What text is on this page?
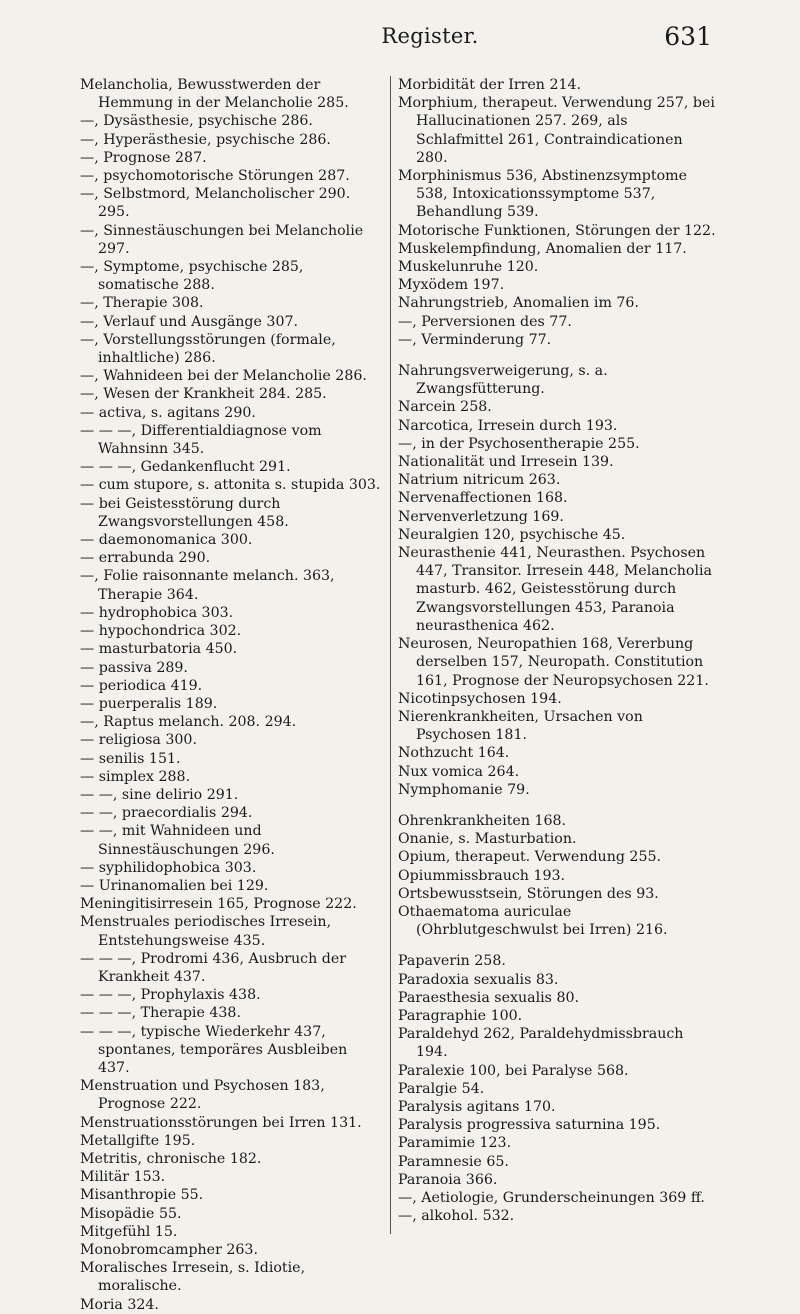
Register.	631

Melancholia, Bewusstwerden der Hemmung in der Melancholie 285.

—, Dysästhesie, psychische 286.

—, Hyperästhesie, psychische 286.

—, Prognose 287.

—, psychomotorische Störungen 287.

—, Selbstmord, Melancholischer 290. 295.

—, Sinnestäuschungen bei Melancholie 297.

—, Symptome, psychische 285, somatische 288.

—, Therapie 308.

—, Verlauf und Ausgänge 307.

—, Vorstellungsstörungen (formale, inhaltliche) 286.

—, Wahnideen bei der Melancholie 286.

—, Wesen der Krankheit 284. 285.

— activa, s. agitans 290.

— — —, Differentialdiagnose vom Wahnsinn 345.

— — —, Gedankenflucht 291.

— cum stupore, s. attonita s. stupida 303.

— bei Geistesstörung durch Zwangsvorstellungen 458.

— daemonomanica 300.

— errabunda 290.

—, Folie raisonnante melanch. 363, Therapie 364.

— hydrophobica 303.

— hypochondrica 302.

— masturbatoria 450.

— passiva 289.

— periodica 419.

— puerperalis 189.

—, Raptus melanch. 208. 294.

— religiosa 300.

— senilis 151.

— simplex 288.

— —, sine delirio 291.

— —, praecordialis 294.

— —, mit Wahnideen und Sinnestäuschungen 296.

— syphilidophobica 303.

— Urinanomalien bei 129.

Meningitisirresein 165, Prognose 222.

Menstruales periodisches Irresein, Entstehungsweise 435.

— — —, Prodromi 436, Ausbruch der Krankheit 437.

— — —, Prophylaxis 438.

— — —, Therapie 438.

— — —, typische Wiederkehr 437, spontanes, temporäres Ausbleiben 437.

Menstruation und Psychosen 183, Prognose 222.

Menstruationsstörungen bei Irren 131.

Metallgifte 195.

Metritis, chronische 182.

Militär 153.

Misanthropie 55.

Misopädie 55.

Mitgefühl 15.

Monobromcampher 263.

Moralisches Irresein, s. Idiotie, moralische.

Moria 324.

Morbidität der Irren 214.

Morphium, therapeut. Verwendung 257, bei Hallucinationen 257. 269, als Schlafmittel 261, Contraindicationen 280.

Morphinismus 536, Abstinenzsymptome 538, Intoxicationssymptome 537, Behandlung 539.

Motorische Funktionen, Störungen der 122.

Muskelempfindung, Anomalien der 117.

Muskelunruhe 120.

Myxödem 197.

Nahrungstrieb, Anomalien im 76.

—, Perversionen des 77.

—, Verminderung 77.

Nahrungsverweigerung, s. a. Zwangsfütterung.

Narcein 258.

Narcotica, Irresein durch 193.

—, in der Psychosentherapie 255.

Nationalität und Irresein 139.

Natrium nitricum 263.

Nervenaffectionen 168.

Nervenverletzung 169.

Neuralgien 120, psychische 45.

Neurasthenie 441, Neurasthen. Psychosen 447, Transitor. Irresein 448, Melancholia masturb. 462, Geistesstörung durch Zwangsvorstellungen 453, Paranoia neurasthenica 462.

Neurosen, Neuropathien 168, Vererbung derselben 157, Neuropath. Constitution 161, Prognose der Neuropsychosen 221.

Nicotinpsychosen 194.

Nierenkrankheiten, Ursachen von Psychosen 181.

Nothzucht 164.

Nux vomica 264.

Nymphomanie 79.

Ohrenkrankheiten 168.

Onanie, s. Masturbation.

Opium, therapeut. Verwendung 255.

Opiummissbrauch 193.

Ortsbewusstsein, Störungen des 93.

Othaematoma auriculae (Ohrblutgeschwulst bei Irren) 216.

Papaverin 258.

Paradoxia sexualis 83.

Paraesthesia sexualis 80.

Paragraphie 100.

Paraldehyd 262, Paraldehydmissbrauch 194.

Paralexie 100, bei Paralyse 568.

Paralgie 54.

Paralysis agitans 170.

Paralysis progressiva saturnina 195.

Paramimie 123.

Paramnesie 65.

Paranoia 366.

—, Aetiologie, Grunderscheinungen 369 ff.

—, alkohol. 532.
